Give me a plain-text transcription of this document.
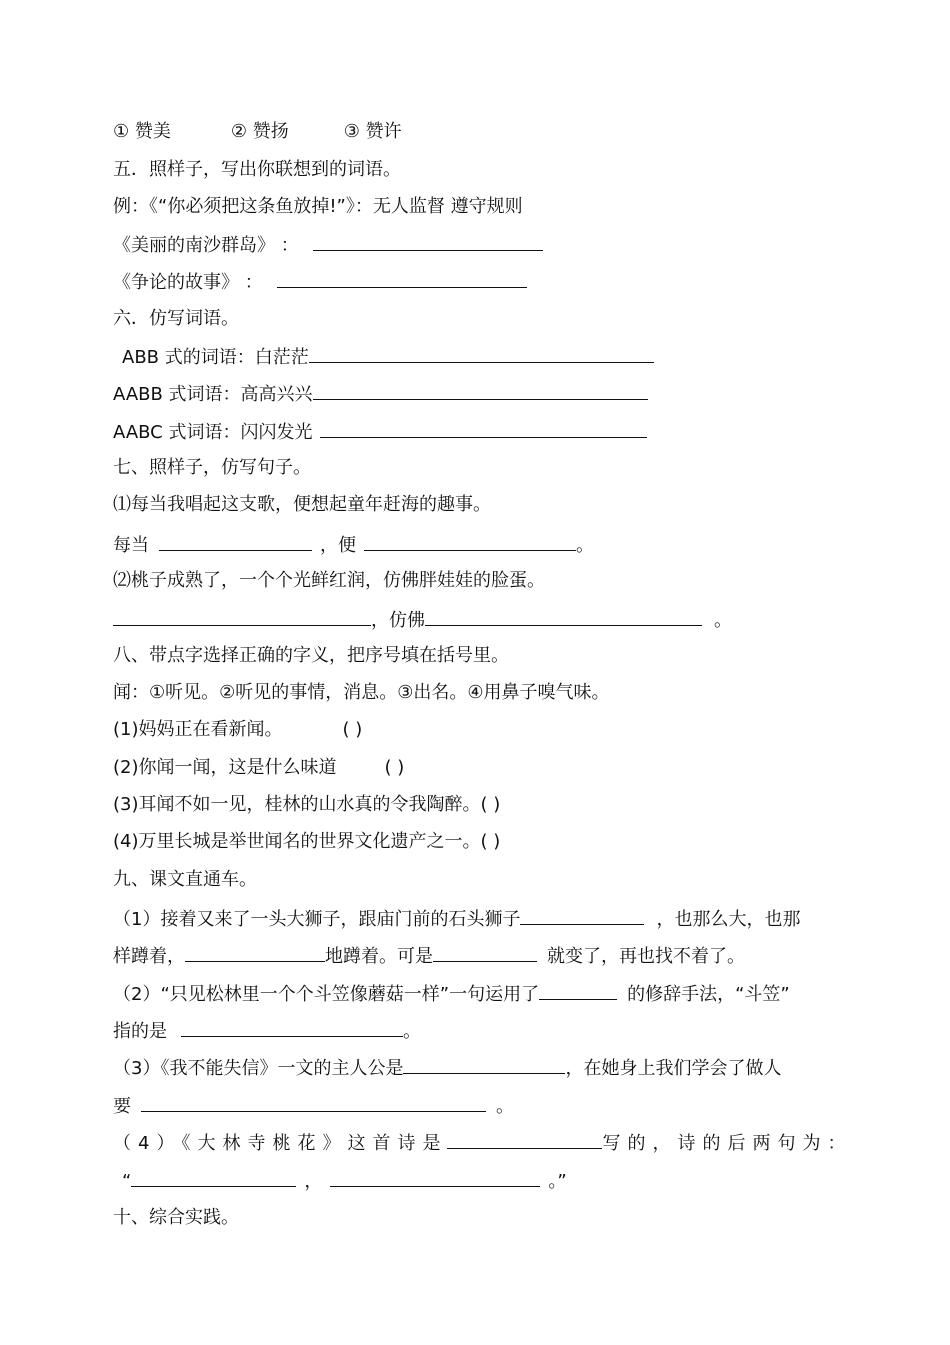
① 赞美	② 赞扬	③ 赞许
五．照样子，写出你联想到的词语。
例：《“你必须把这条鱼放掉!”》：无人监督 遵守规则
《美丽的南沙群岛》 ：
《争论的故事》 ：
六．仿写词语。
ABB 式的词语：白茫茫
AABB 式词语：高高兴兴
AABC 式词语：闪闪发光
七、照样子，仿写句子。
⑴每当我唱起这支歌，便想起童年赶海的趣事。
每当	，便	。
⑵桃子成熟了，一个个光鲜红润，仿佛胖娃娃的脸蛋。
，仿佛	。
八、带点字选择正确的字义，把序号填在括号里。
闻：①听见。②听见的事情，消息。③出名。④用鼻子嗅气味。
(1)妈妈正在看新闻。	( )
(2)你闻一闻，这是什么味道	( )
(3)耳闻不如一见，桂林的山水真的令我陶醉。( )
(4)万里长城是举世闻名的世界文化遗产之一。( )
九、课文直通车。
（1）接着又来了一头大狮子，跟庙门前的石头狮子	，也那么大，也那
样蹲着，	地蹲着。可是	就变了，再也找不着了。
（2）“只见松林里一个个斗笠像蘑菇一样”一句运用了	的修辞手法，“斗笠”
指的是	。
（3）《我不能失信》一文的主人公是	，在她身上我们学会了做人
要	。
（4）《大林寺桃花》这首诗是	写的，诗的后两句为：
“	，	。”
十、综合实践。
